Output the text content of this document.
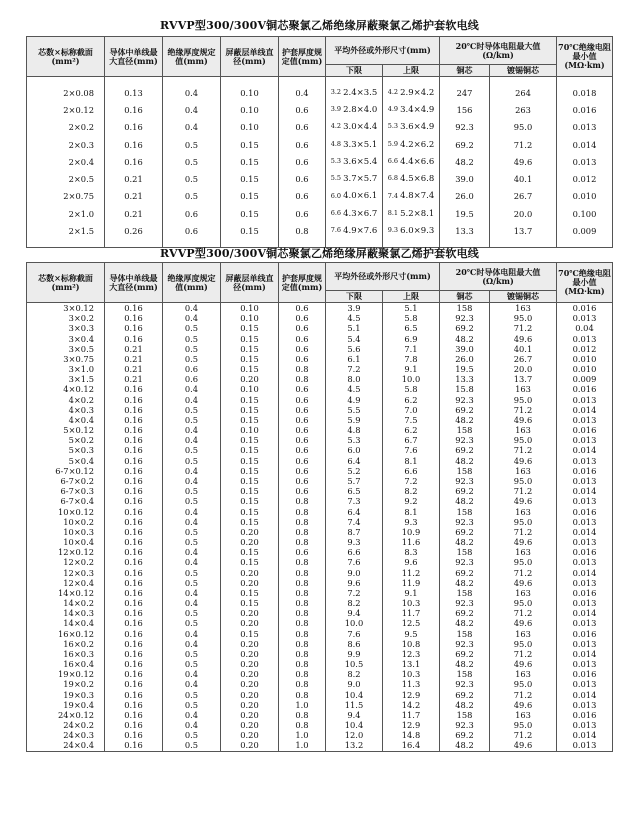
RVVP型300/300V铜芯聚氯乙烯绝缘屏蔽聚氯乙烯护套软电线
芯数×标称截面(mm²)	导体中单线最大直径(mm)	绝缘厚度规定值(mm)	屏蔽层单线直径(mm)	护套厚度规定值(mm)	平均外径或外形尺寸(mm)		20℃时导体电阻最大值(Ω/km)		70℃绝缘电阻最小值(MΩ·km)
					下限	上限	铜芯	镀锡铜芯	

2×0.08	0.13	0.4	0.10	0.4	3.2 2.4×3.5	4.2 2.9×4.2	247	264	0.018
2×0.12	0.16	0.4	0.10	0.6	3.9 2.8×4.0	4.9 3.4×4.9	156	263	0.016
2×0.2	0.16	0.4	0.10	0.6	4.2 3.0×4.4	5.3 3.6×4.9	92.3	95.0	0.013
2×0.3	0.16	0.5	0.15	0.6	4.8 3.3×5.1	5.9 4.2×6.2	69.2	71.2	0.014
2×0.4	0.16	0.5	0.15	0.6	5.3 3.6×5.4	6.6 4.4×6.6	48.2	49.6	0.013
2×0.5	0.21	0.5	0.15	0.6	5.5 3.7×5.7	6.8 4.5×6.8	39.0	40.1	0.012
2×0.75	0.21	0.5	0.15	0.6	6.0 4.0×6.1	7.4 4.8×7.4	26.0	26.7	0.010
2×1.0	0.21	0.6	0.15	0.6	6.6 4.3×6.7	8.1 5.2×8.1	19.5	20.0	0.100
2×1.5	0.26	0.6	0.15	0.8	7.6 4.9×7.6	9.3 6.0×9.3	13.3	13.7	0.009

RVVP型300/300V铜芯聚氯乙烯绝缘屏蔽聚氯乙烯护套软电线
芯数×标称截面(mm²)	导体中单线最大直径(mm)	绝缘厚度规定值(mm)	屏蔽层单线直径(mm)	护套厚度规定值(mm)	平均外径或外形尺寸(mm)		20℃时导体电阻最大值(Ω/km)		70℃绝缘电阻最小值(MΩ·km)
					下限	上限	铜芯	镀锡铜芯	
3×0.12	0.16	0.4	0.10	0.6	3.9	5.1	158	163	0.016
3×0.2	0.16	0.4	0.10	0.6	4.5	5.8	92.3	95.0	0.013
3×0.3	0.16	0.5	0.15	0.6	5.1	6.5	69.2	71.2	0.04
3×0.4	0.16	0.5	0.15	0.6	5.4	6.9	48.2	49.6	0.013
3×0.5	0.21	0.5	0.15	0.6	5.6	7.1	39.0	40.1	0.012
3×0.75	0.21	0.5	0.15	0.6	6.1	7.8	26.0	26.7	0.010
3×1.0	0.21	0.6	0.15	0.8	7.2	9.1	19.5	20.0	0.010
3×1.5	0.21	0.6	0.20	0.8	8.0	10.0	13.3	13.7	0.009
4×0.12	0.16	0.4	0.10	0.6	4.5	5.8	15.8	163	0.016
4×0.2	0.16	0.4	0.15	0.6	4.9	6.2	92.3	95.0	0.013
4×0.3	0.16	0.5	0.15	0.6	5.5	7.0	69.2	71.2	0.014
4×0.4	0.16	0.5	0.15	0.6	5.9	7.5	48.2	49.6	0.013
5×0.12	0.16	0.4	0.10	0.6	4.8	6.2	158	163	0.016
5×0.2	0.16	0.4	0.15	0.6	5.3	6.7	92.3	95.0	0.013
5×0.3	0.16	0.5	0.15	0.6	6.0	7.6	69.2	71.2	0.014
5×0.4	0.16	0.5	0.15	0.6	6.4	8.1	48.2	49.6	0.013
6-7×0.12	0.16	0.4	0.15	0.6	5.2	6.6	158	163	0.016
6-7×0.2	0.16	0.4	0.15	0.6	5.7	7.2	92.3	95.0	0.013
6-7×0.3	0.16	0.5	0.15	0.6	6.5	8.2	69.2	71.2	0.014
6-7×0.4	0.16	0.5	0.15	0.8	7.3	9.2	48.2	49.6	0.013
10×0.12	0.16	0.4	0.15	0.8	6.4	8.1	158	163	0.016
10×0.2	0.16	0.4	0.15	0.8	7.4	9.3	92.3	95.0	0.013
10×0.3	0.16	0.5	0.20	0.8	8.7	10.9	69.2	71.2	0.014
10×0.4	0.16	0.5	0.20	0.8	9.3	11.6	48.2	49.6	0.013
12×0.12	0.16	0.4	0.15	0.6	6.6	8.3	158	163	0.016
12×0.2	0.16	0.4	0.15	0.8	7.6	9.6	92.3	95.0	0.013
12×0.3	0.16	0.5	0.20	0.8	9.0	11.2	69.2	71.2	0.014
12×0.4	0.16	0.5	0.20	0.8	9.6	11.9	48.2	49.6	0.013
14×0.12	0.16	0.4	0.15	0.8	7.2	9.1	158	163	0.016
14×0.2	0.16	0.4	0.15	0.8	8.2	10.3	92.3	95.0	0.013
14×0.3	0.16	0.5	0.20	0.8	9.4	11.7	69.2	71.2	0.014
14×0.4	0.16	0.5	0.20	0.8	10.0	12.5	48.2	49.6	0.013
16×0.12	0.16	0.4	0.15	0.8	7.6	9.5	158	163	0.016
16×0.2	0.16	0.4	0.20	0.8	8.6	10.8	92.3	95.0	0.013
16×0.3	0.16	0.5	0.20	0.8	9.9	12.3	69.2	71.2	0.014
16×0.4	0.16	0.5	0.20	0.8	10.5	13.1	48.2	49.6	0.013
19×0.12	0.16	0.4	0.20	0.8	8.2	10.3	158	163	0.016
19×0.2	0.16	0.4	0.20	0.8	9.0	11.3	92.3	95.0	0.013
19×0.3	0.16	0.5	0.20	0.8	10.4	12.9	69.2	71.2	0.014
19×0.4	0.16	0.5	0.20	1.0	11.5	14.2	48.2	49.6	0.013
24×0.12	0.16	0.4	0.20	0.8	9.4	11.7	158	163	0.016
24×0.2	0.16	0.4	0.20	0.8	10.4	12.9	92.3	95.0	0.013
24×0.3	0.16	0.5	0.20	1.0	12.0	14.8	69.2	71.2	0.014
24×0.4	0.16	0.5	0.20	1.0	13.2	16.4	48.2	49.6	0.013
